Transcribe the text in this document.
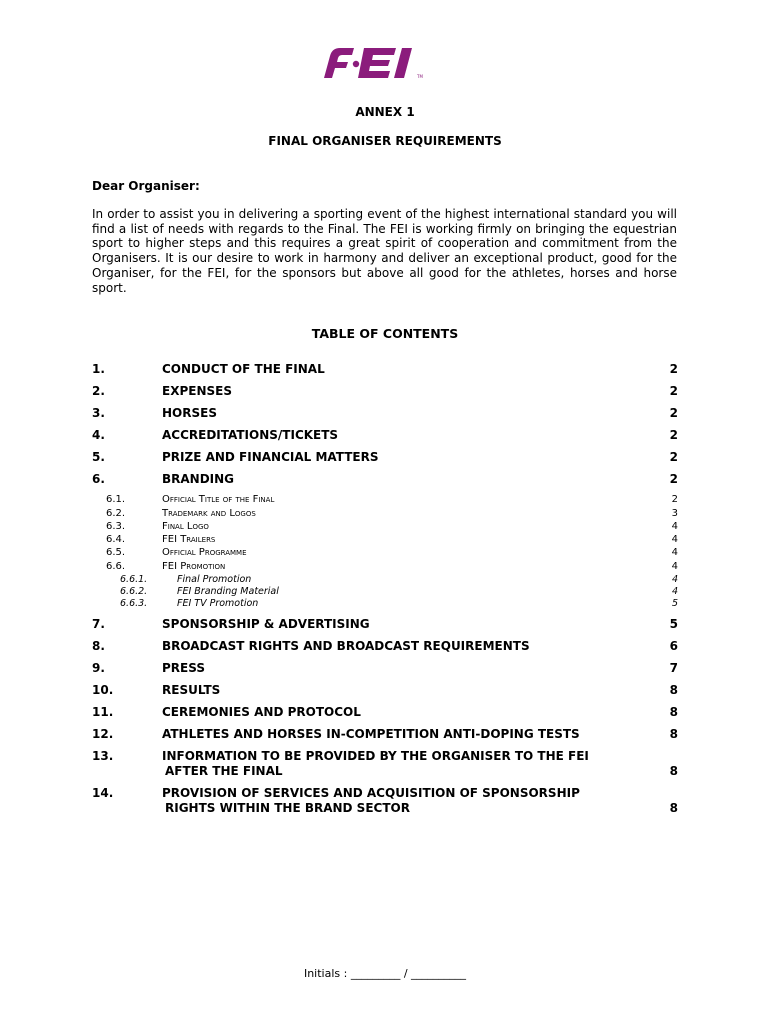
TM
FEI
ANNEX 1
FINAL ORGANISER REQUIREMENTS
Dear Organiser:

In order to assist you in delivering a sporting event of the highest international standard you will find a list of needs with regards to the Final. The FEI is working firmly on bringing the equestrian sport to higher steps and this requires a great spirit of cooperation and commitment from the Organisers. It is our desire to work in harmony and deliver an exceptional product, good for the Organiser, for the FEI, for the sponsors but above all good for the athletes, horses and horse sport.

TABLE OF CONTENTS
1.	CONDUCT OF THE FINAL	2
2.	EXPENSES	2
3.	HORSES	2
4.	ACCREDITATIONS/TICKETS	2
5.	PRIZE AND FINANCIAL MATTERS	2
6.	BRANDING	2
6.1.	Official Title of the Final	2
6.2.	Trademark and Logos	3
6.3.	Final Logo	4
6.4.	FEI Trailers	4
6.5.	Official Programme	4
6.6.	FEI Promotion	4
6.6.1.	Final Promotion	4
6.6.2.	FEI Branding Material	4
6.6.3.	FEI TV Promotion	5
7.	SPONSORSHIP & ADVERTISING	5
8.	BROADCAST RIGHTS AND BROADCAST REQUIREMENTS	6
9.	PRESS	7
10.	RESULTS	8
11.	CEREMONIES AND PROTOCOL	8
12.	ATHLETES AND HORSES IN-COMPETITION ANTI-DOPING TESTS	8
13.	INFORMATION TO BE PROVIDED BY THE ORGANISER TO THE FEI
AFTER THE FINAL	8
14.	PROVISION OF SERVICES AND ACQUISITION OF SPONSORSHIP
RIGHTS WITHIN THE BRAND SECTOR	8
Initials : _________ / __________
